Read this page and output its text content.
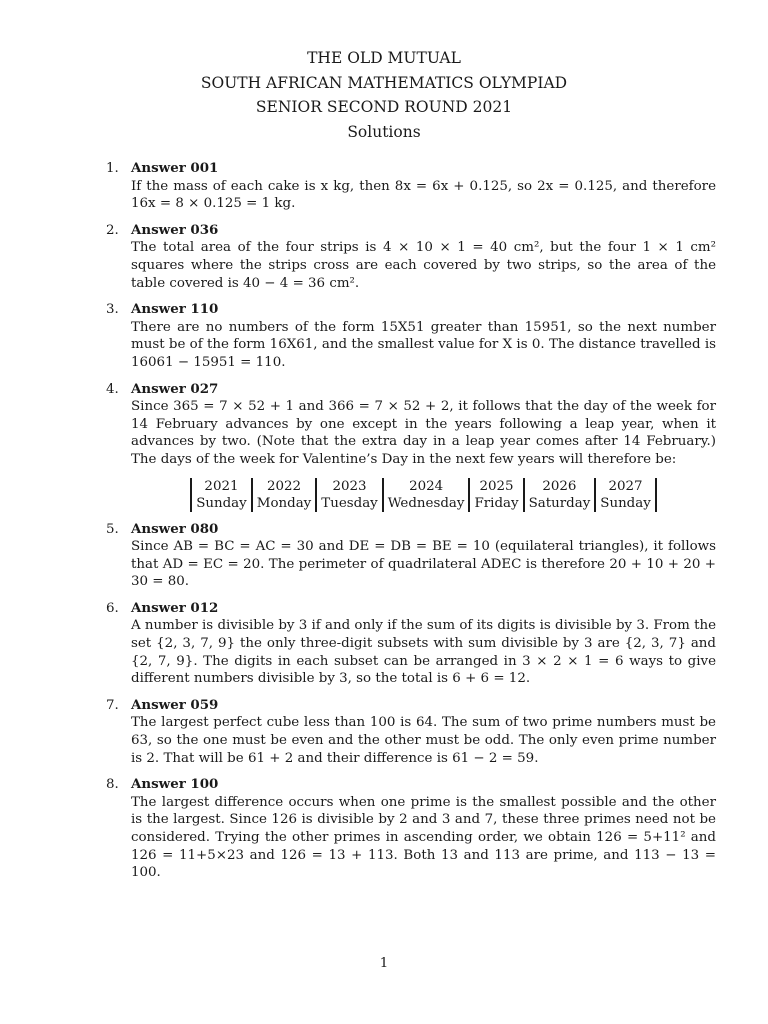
THE OLD MUTUAL
SOUTH AFRICAN MATHEMATICS OLYMPIAD
SENIOR SECOND ROUND 2021
Solutions
1. Answer 001
If the mass of each cake is x kg, then 8x = 6x + 0.125, so 2x = 0.125, and therefore 16x = 8 × 0.125 = 1 kg.
2. Answer 036
The total area of the four strips is 4 × 10 × 1 = 40 cm², but the four 1 × 1 cm² squares where the strips cross are each covered by two strips, so the area of the table covered is 40 − 4 = 36 cm².
3. Answer 110
There are no numbers of the form 15X51 greater than 15951, so the next number must be of the form 16X61, and the smallest value for X is 0. The distance travelled is 16061 − 15951 = 110.
4. Answer 027
Since 365 = 7 × 52 + 1 and 366 = 7 × 52 + 2, it follows that the day of the week for 14 February advances by one except in the years following a leap year, when it advances by two. (Note that the extra day in a leap year comes after 14 February.) The days of the week for Valentine’s Day in the next few years will therefore be:
2021	2022	2023	2024	2025	2026	2027
Sunday	Monday	Tuesday	Wednesday	Friday	Saturday	Sunday
5. Answer 080
Since AB = BC = AC = 30 and DE = DB = BE = 10 (equilateral triangles), it follows that AD = EC = 20. The perimeter of quadrilateral ADEC is therefore 20 + 10 + 20 + 30 = 80.
6. Answer 012
A number is divisible by 3 if and only if the sum of its digits is divisible by 3. From the set {2, 3, 7, 9} the only three-digit subsets with sum divisible by 3 are {2, 3, 7} and {2, 7, 9}. The digits in each subset can be arranged in 3 × 2 × 1 = 6 ways to give different numbers divisible by 3, so the total is 6 + 6 = 12.
7. Answer 059
The largest perfect cube less than 100 is 64. The sum of two prime numbers must be 63, so the one must be even and the other must be odd. The only even prime number is 2. That will be 61 + 2 and their difference is 61 − 2 = 59.
8. Answer 100
The largest difference occurs when one prime is the smallest possible and the other is the largest. Since 126 is divisible by 2 and 3 and 7, these three primes need not be considered. Trying the other primes in ascending order, we obtain 126 = 5+11² and 126 = 11+5×23 and 126 = 13 + 113. Both 13 and 113 are prime, and 113 − 13 = 100.
1
